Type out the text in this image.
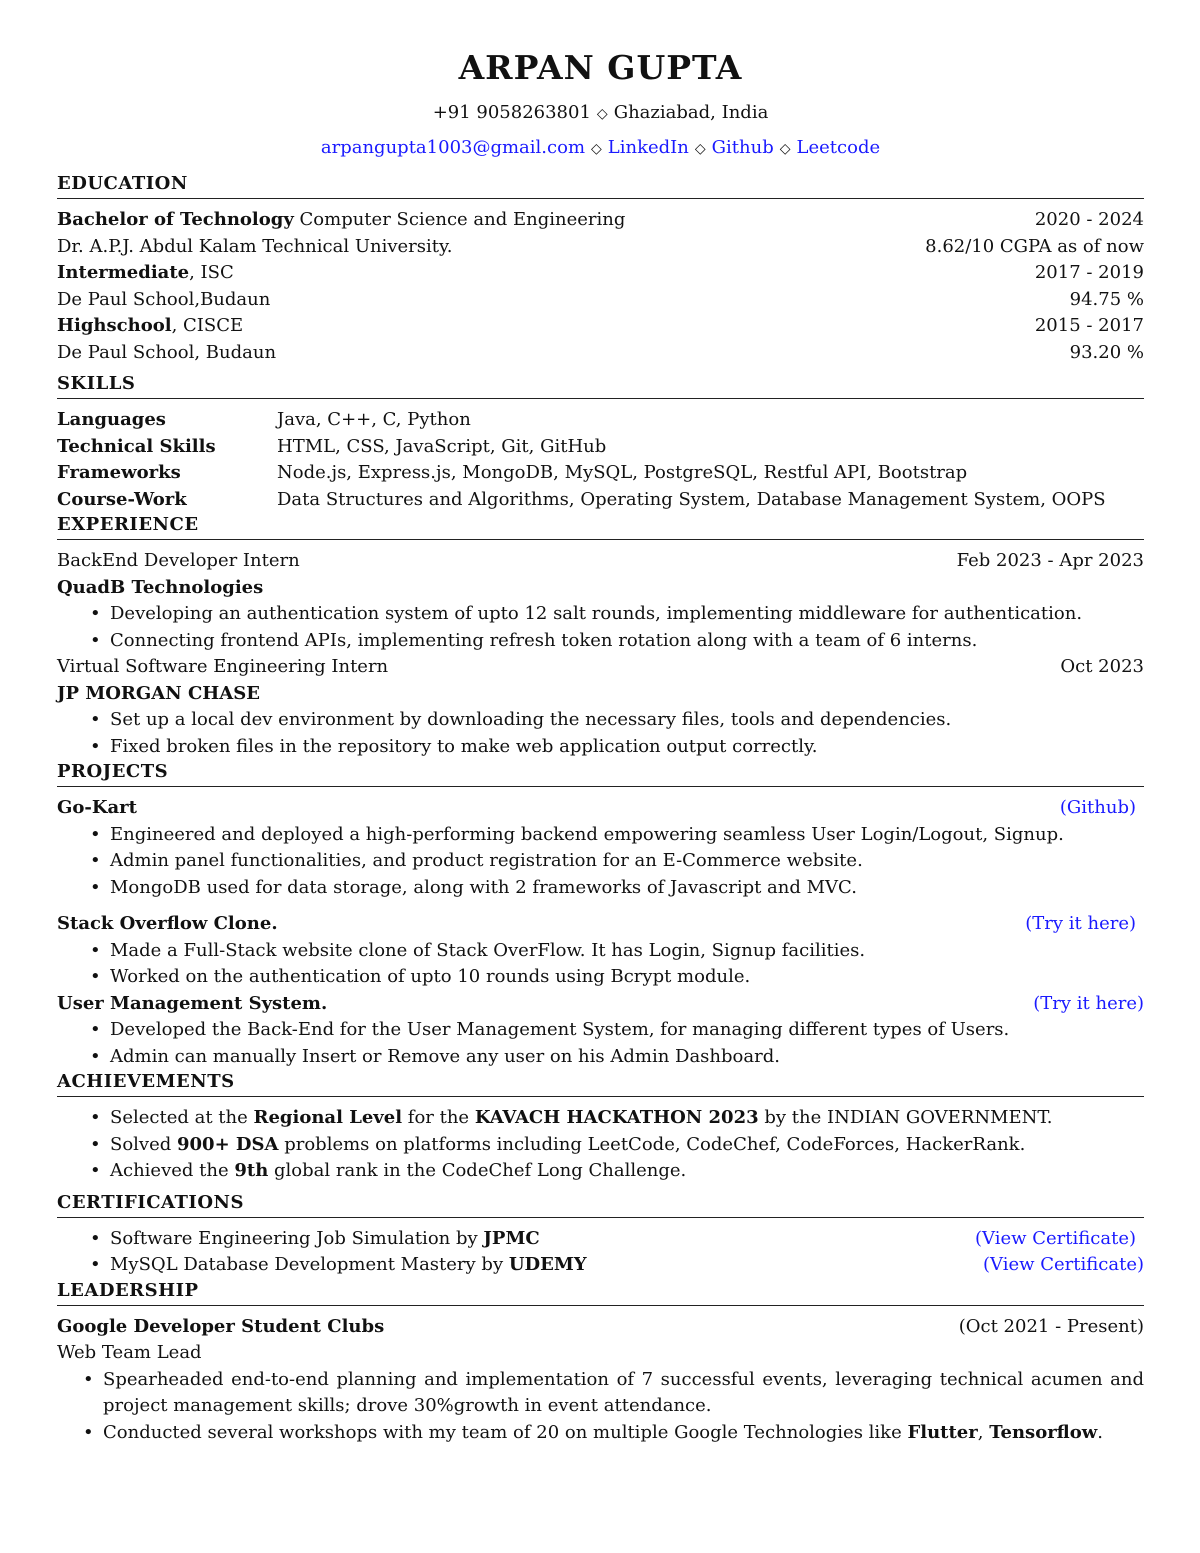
ARPAN GUPTA
+91 9058263801 ◇ Ghaziabad, India
arpangupta1003@gmail.com ◇ LinkedIn ◇ Github ◇ Leetcode
EDUCATION
Bachelor of Technology Computer Science and Engineering	2020 - 2024
Dr. A.P.J. Abdul Kalam Technical University.	8.62/10 CGPA as of now
Intermediate, ISC	2017 - 2019
De Paul School,Budaun	94.75 %
Highschool, CISCE	2015 - 2017
De Paul School, Budaun	93.20 %
SKILLS
Languages	Java, C++, C, Python
Technical Skills	HTML, CSS, JavaScript, Git, GitHub
Frameworks	Node.js, Express.js, MongoDB, MySQL, PostgreSQL, Restful API, Bootstrap
Course-Work	Data Structures and Algorithms, Operating System, Database Management System, OOPS
EXPERIENCE
BackEnd Developer Intern	Feb 2023 - Apr 2023
QuadB Technologies
• Developing an authentication system of upto 12 salt rounds, implementing middleware for authentication.
• Connecting frontend APIs, implementing refresh token rotation along with a team of 6 interns.
Virtual Software Engineering Intern	Oct 2023
JP MORGAN CHASE
• Set up a local dev environment by downloading the necessary files, tools and dependencies.
• Fixed broken files in the repository to make web application output correctly.
PROJECTS
Go-Kart	(Github)
• Engineered and deployed a high-performing backend empowering seamless User Login/Logout, Signup.
• Admin panel functionalities, and product registration for an E-Commerce website.
• MongoDB used for data storage, along with 2 frameworks of Javascript and MVC.
Stack Overflow Clone.	(Try it here)
• Made a Full-Stack website clone of Stack OverFlow. It has Login, Signup facilities.
• Worked on the authentication of upto 10 rounds using Bcrypt module.
User Management System.	(Try it here)
• Developed the Back-End for the User Management System, for managing different types of Users.
• Admin can manually Insert or Remove any user on his Admin Dashboard.
ACHIEVEMENTS
• Selected at the Regional Level for the KAVACH HACKATHON 2023 by the INDIAN GOVERNMENT.
• Solved 900+ DSA problems on platforms including LeetCode, CodeChef, CodeForces, HackerRank.
• Achieved the 9th global rank in the CodeChef Long Challenge.
CERTIFICATIONS
• Software Engineering Job Simulation by JPMC	(View Certificate)
• MySQL Database Development Mastery by UDEMY	(View Certificate)
LEADERSHIP
Google Developer Student Clubs	(Oct 2021 - Present)
Web Team Lead
• Spearheaded end-to-end planning and implementation of 7 successful events, leveraging technical acumen and project management skills; drove 30%growth in event attendance.
• Conducted several workshops with my team of 20 on multiple Google Technologies like Flutter, Tensorflow.
